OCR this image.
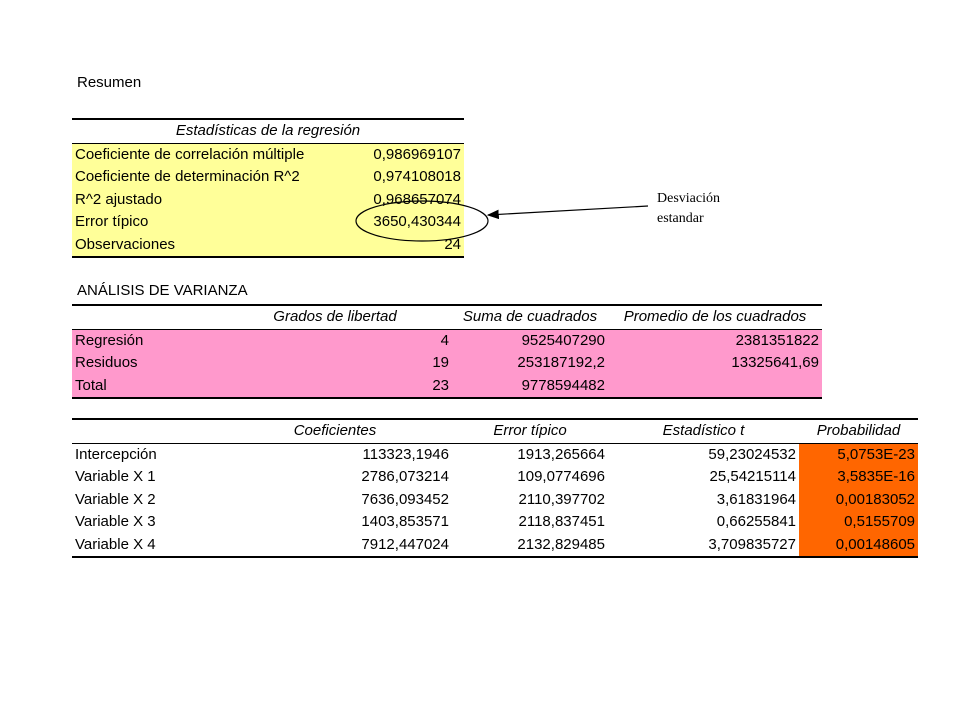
Resumen
Estadísticas de la regresión	
Coeficiente de correlación múltiple	0,986969107
Coeficiente de determinación R^2	0,974108018
R^2 ajustado	0,968657074
Error típico	3650,430344
Observaciones	24
Desviación
estandar
ANÁLISIS DE VARIANZA
	Grados de libertad	Suma de cuadrados	Promedio de los cuadrados
Regresión	4	9525407290	2381351822
Residuos	19	253187192,2	13325641,69
Total	23	9778594482	
	Coeficientes	Error típico	Estadístico t	Probabilidad
Intercepción	113323,1946	1913,265664	59,23024532	5,0753E-23
Variable X 1	2786,073214	109,0774696	25,54215114	3,5835E-16
Variable X 2	7636,093452	2110,397702	3,61831964	0,00183052
Variable X 3	1403,853571	2118,837451	0,66255841	0,5155709
Variable X 4	7912,447024	2132,829485	3,709835727	0,00148605
